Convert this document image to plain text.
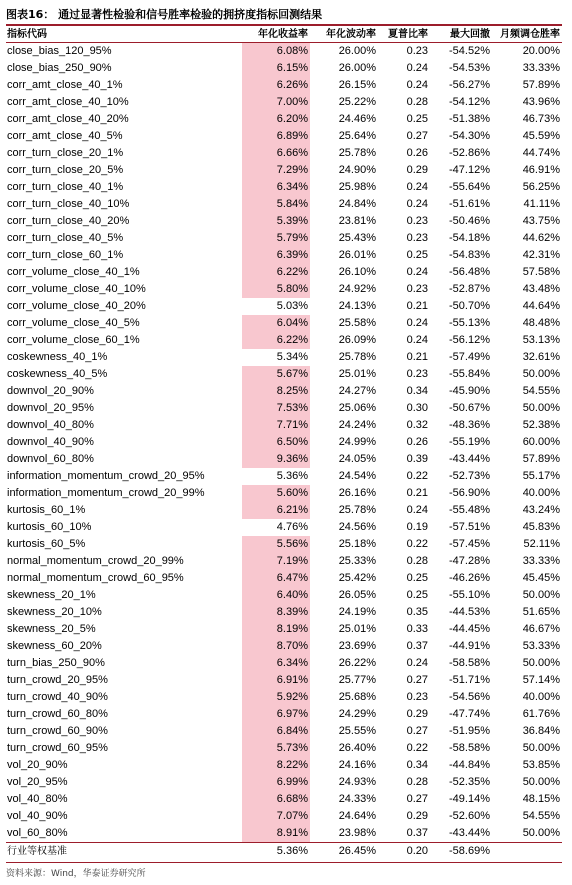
图表16： 通过显著性检验和信号胜率检验的拥挤度指标回测结果
指标代码	年化收益率	年化波动率	夏普比率	最大回撤	月频调仓胜率
close_bias_120_95%	6.08%	26.00%	0.23	-54.52%	20.00%
close_bias_250_90%	6.15%	26.00%	0.24	-54.53%	33.33%
corr_amt_close_40_1%	6.26%	26.15%	0.24	-56.27%	57.89%
corr_amt_close_40_10%	7.00%	25.22%	0.28	-54.12%	43.96%
corr_amt_close_40_20%	6.20%	24.46%	0.25	-51.38%	46.73%
corr_amt_close_40_5%	6.89%	25.64%	0.27	-54.30%	45.59%
corr_turn_close_20_1%	6.66%	25.78%	0.26	-52.86%	44.74%
corr_turn_close_20_5%	7.29%	24.90%	0.29	-47.12%	46.91%
corr_turn_close_40_1%	6.34%	25.98%	0.24	-55.64%	56.25%
corr_turn_close_40_10%	5.84%	24.84%	0.24	-51.61%	41.11%
corr_turn_close_40_20%	5.39%	23.81%	0.23	-50.46%	43.75%
corr_turn_close_40_5%	5.79%	25.43%	0.23	-54.18%	44.62%
corr_turn_close_60_1%	6.39%	26.01%	0.25	-54.83%	42.31%
corr_volume_close_40_1%	6.22%	26.10%	0.24	-56.48%	57.58%
corr_volume_close_40_10%	5.80%	24.92%	0.23	-52.87%	43.48%
corr_volume_close_40_20%	5.03%	24.13%	0.21	-50.70%	44.64%
corr_volume_close_40_5%	6.04%	25.58%	0.24	-55.13%	48.48%
corr_volume_close_60_1%	6.22%	26.09%	0.24	-56.12%	53.13%
coskewness_40_1%	5.34%	25.78%	0.21	-57.49%	32.61%
coskewness_40_5%	5.67%	25.01%	0.23	-55.84%	50.00%
downvol_20_90%	8.25%	24.27%	0.34	-45.90%	54.55%
downvol_20_95%	7.53%	25.06%	0.30	-50.67%	50.00%
downvol_40_80%	7.71%	24.24%	0.32	-48.36%	52.38%
downvol_40_90%	6.50%	24.99%	0.26	-55.19%	60.00%
downvol_60_80%	9.36%	24.05%	0.39	-43.44%	57.89%
information_momentum_crowd_20_95%	5.36%	24.54%	0.22	-52.73%	55.17%
information_momentum_crowd_20_99%	5.60%	26.16%	0.21	-56.90%	40.00%
kurtosis_60_1%	6.21%	25.78%	0.24	-55.48%	43.24%
kurtosis_60_10%	4.76%	24.56%	0.19	-57.51%	45.83%
kurtosis_60_5%	5.56%	25.18%	0.22	-57.45%	52.11%
normal_momentum_crowd_20_99%	7.19%	25.33%	0.28	-47.28%	33.33%
normal_momentum_crowd_60_95%	6.47%	25.42%	0.25	-46.26%	45.45%
skewness_20_1%	6.40%	26.05%	0.25	-55.10%	50.00%
skewness_20_10%	8.39%	24.19%	0.35	-44.53%	51.65%
skewness_20_5%	8.19%	25.01%	0.33	-44.45%	46.67%
skewness_60_20%	8.70%	23.69%	0.37	-44.91%	53.33%
turn_bias_250_90%	6.34%	26.22%	0.24	-58.58%	50.00%
turn_crowd_20_95%	6.91%	25.77%	0.27	-51.71%	57.14%
turn_crowd_40_90%	5.92%	25.68%	0.23	-54.56%	40.00%
turn_crowd_60_80%	6.97%	24.29%	0.29	-47.74%	61.76%
turn_crowd_60_90%	6.84%	25.55%	0.27	-51.95%	36.84%
turn_crowd_60_95%	5.73%	26.40%	0.22	-58.58%	50.00%
vol_20_90%	8.22%	24.16%	0.34	-44.84%	53.85%
vol_20_95%	6.99%	24.93%	0.28	-52.35%	50.00%
vol_40_80%	6.68%	24.33%	0.27	-49.14%	48.15%
vol_40_90%	7.07%	24.64%	0.29	-52.60%	54.55%
vol_60_80%	8.91%	23.98%	0.37	-43.44%	50.00%
行业等权基准	5.36%	26.45%	0.20	-58.69%
资料来源：Wind，华泰证券研究所
